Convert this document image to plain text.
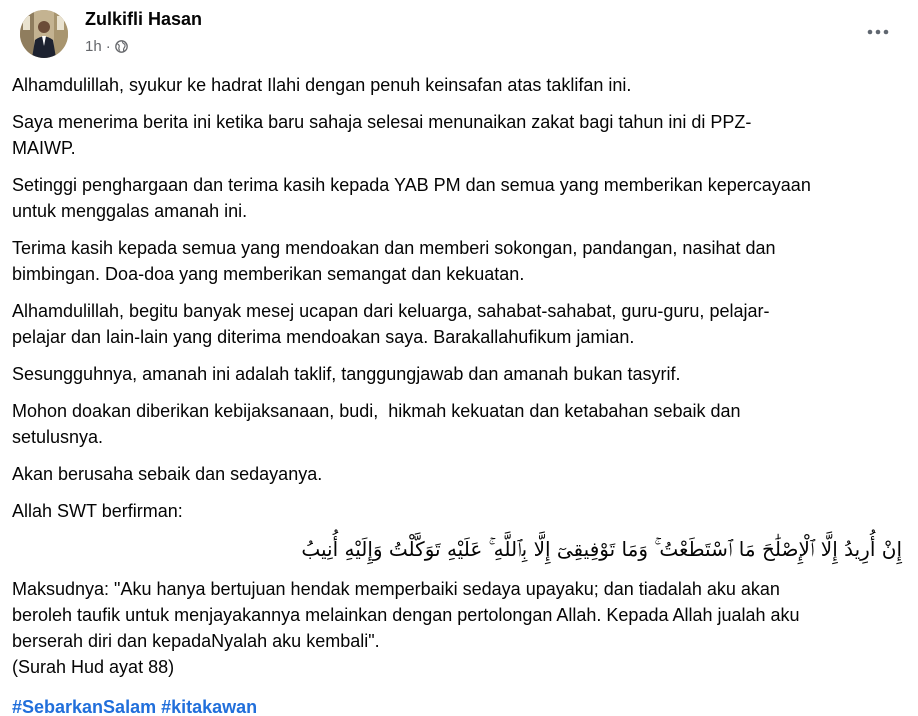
Zulkifli Hasan
1h ·

Alhamdulillah, syukur ke hadrat Ilahi dengan penuh keinsafan atas taklifan ini.

Saya menerima berita ini ketika baru sahaja selesai menunaikan zakat bagi tahun ini di PPZ-
MAIWP.

Setinggi penghargaan dan terima kasih kepada YAB PM dan semua yang memberikan kepercayaan
untuk menggalas amanah ini.

Terima kasih kepada semua yang mendoakan dan memberi sokongan, pandangan, nasihat dan
bimbingan. Doa-doa yang memberikan semangat dan kekuatan.

Alhamdulillah, begitu banyak mesej ucapan dari keluarga, sahabat-sahabat, guru-guru, pelajar-
pelajar dan lain-lain yang diterima mendoakan saya. Barakallahufikum jamian.

Sesungguhnya, amanah ini adalah taklif, tanggungjawab dan amanah bukan tasyrif.

Mohon doakan diberikan kebijaksanaan, budi,  hikmah kekuatan dan ketabahan sebaik dan
setulusnya.

Akan berusaha sebaik dan sedayanya.

Allah SWT berfirman:

إِنْ أُرِيدُ إِلَّا ٱلْإِصْلَٰحَ مَا ٱسْتَطَعْتُ ۚ وَمَا تَوْفِيقِىٓ إِلَّا بِٱللَّهِ ۚ عَلَيْهِ تَوَكَّلْتُ وَإِلَيْهِ أُنِيبُ

Maksudnya: "Aku hanya bertujuan hendak memperbaiki sedaya upayaku; dan tiadalah aku akan
beroleh taufik untuk menjayakannya melainkan dengan pertolongan Allah. Kepada Allah jualah aku
berserah diri dan kepadaNyalah aku kembali".

(Surah Hud ayat 88)

#SebarkanSalam #kitakawan
